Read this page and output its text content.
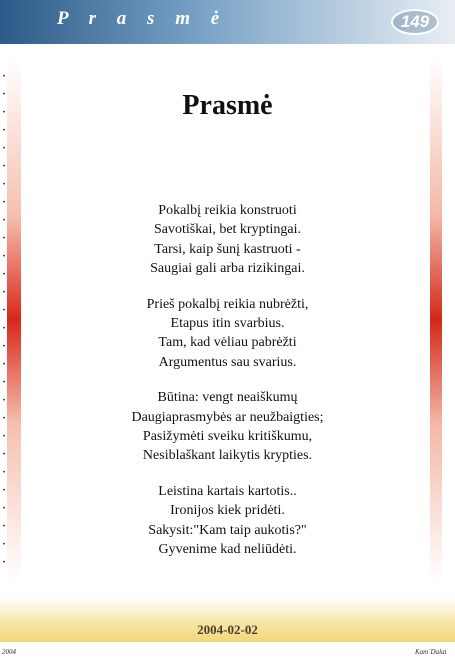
P r a s m ė	149
•
•
•
•
•
•
•
•
•
•
•
•
•
•
•
•
•
•
•
•
•
•
•
•
•
•
•
•
Prasmė
Pokalbį reikia konstruoti
Savotiškai, bet kryptingai.
Tarsi, kaip šunį kastruoti -
Saugiai gali arba rizikingai.
Prieš pokalbį reikia nubrėžti,
Etapus itin svarbius.
Tam, kad vėliau pabrėžti
Argumentus sau svarius.
Būtina: vengt neaiškumų
Daugiaprasmybės ar neužbaigties;
Pasižymėti sveiku kritiškumu,
Nesiblaškant laikytis krypties.
Leistina kartais kartotis..
Ironijos kiek pridėti.
Sakysit:"Kam taip aukotis?"
Gyvenime kad neliūdėti.
2004-02-02
2004	Kam´Dalat
